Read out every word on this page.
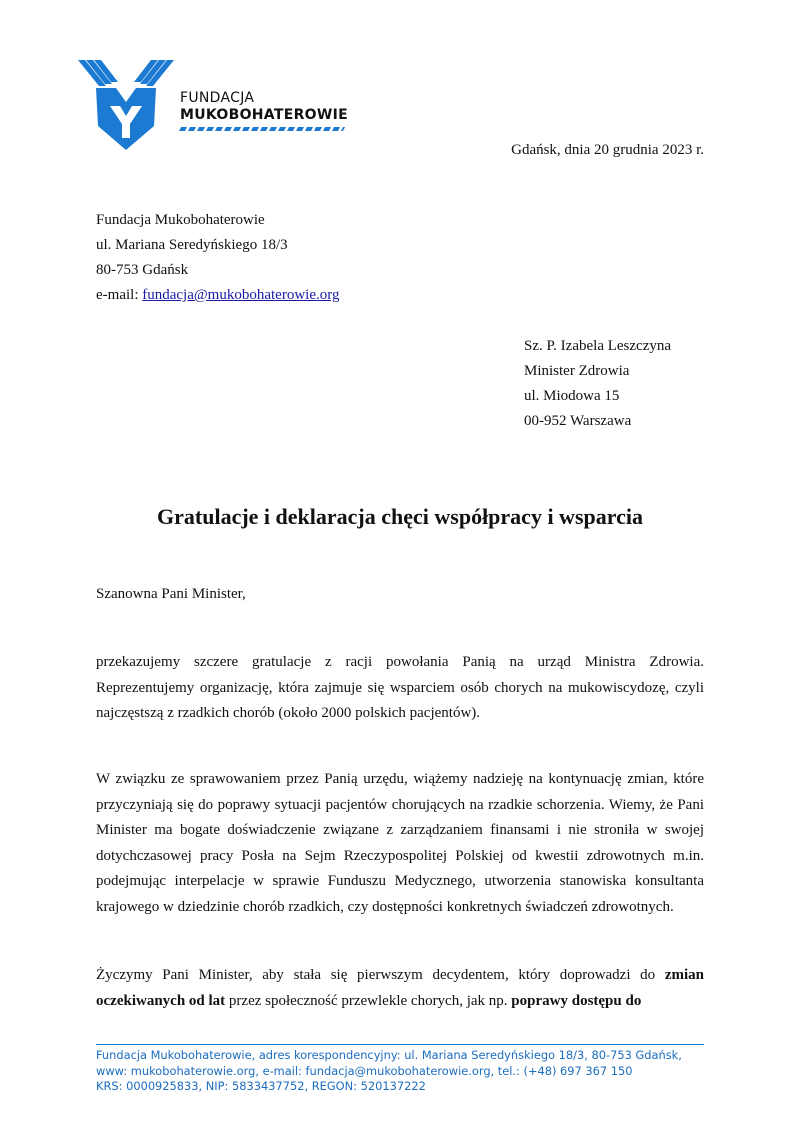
FUNDACJA
MUKOBOHATEROWIE
Gdańsk, dnia 20 grudnia 2023 r.
Fundacja Mukobohaterowie
ul. Mariana Seredyńskiego 18/3
80-753 Gdańsk
e-mail: fundacja@mukobohaterowie.org
Sz. P. Izabela Leszczyna
Minister Zdrowia
ul. Miodowa 15
00-952 Warszawa
Gratulacje i deklaracja chęci współpracy i wsparcia
Szanowna Pani Minister,
przekazujemy szczere gratulacje z racji powołania Panią na urząd Ministra Zdrowia. Reprezentujemy organizację, która zajmuje się wsparciem osób chorych na mukowiscydozę, czyli najczęstszą z rzadkich chorób (około 2000 polskich pacjentów).
W związku ze sprawowaniem przez Panią urzędu, wiążemy nadzieję na kontynuację zmian, które przyczyniają się do poprawy sytuacji pacjentów chorujących na rzadkie schorzenia. Wiemy, że Pani Minister ma bogate doświadczenie związane z zarządzaniem finansami i nie stroniła w swojej dotychczasowej pracy Posła na Sejm Rzeczypospolitej Polskiej od kwestii zdrowotnych m.in. podejmując interpelacje w sprawie Funduszu Medycznego, utworzenia stanowiska konsultanta krajowego w dziedzinie chorób rzadkich, czy dostępności konkretnych świadczeń zdrowotnych.
Życzymy Pani Minister, aby stała się pierwszym decydentem, który doprowadzi do zmian oczekiwanych od lat przez społeczność przewlekle chorych, jak np. poprawy dostępu do
Fundacja Mukobohaterowie, adres korespondencyjny: ul. Mariana Seredyńskiego 18/3, 80-753 Gdańsk,
www: mukobohaterowie.org, e-mail: fundacja@mukobohaterowie.org, tel.: (+48) 697 367 150
KRS: 0000925833, NIP: 5833437752, REGON: 520137222
